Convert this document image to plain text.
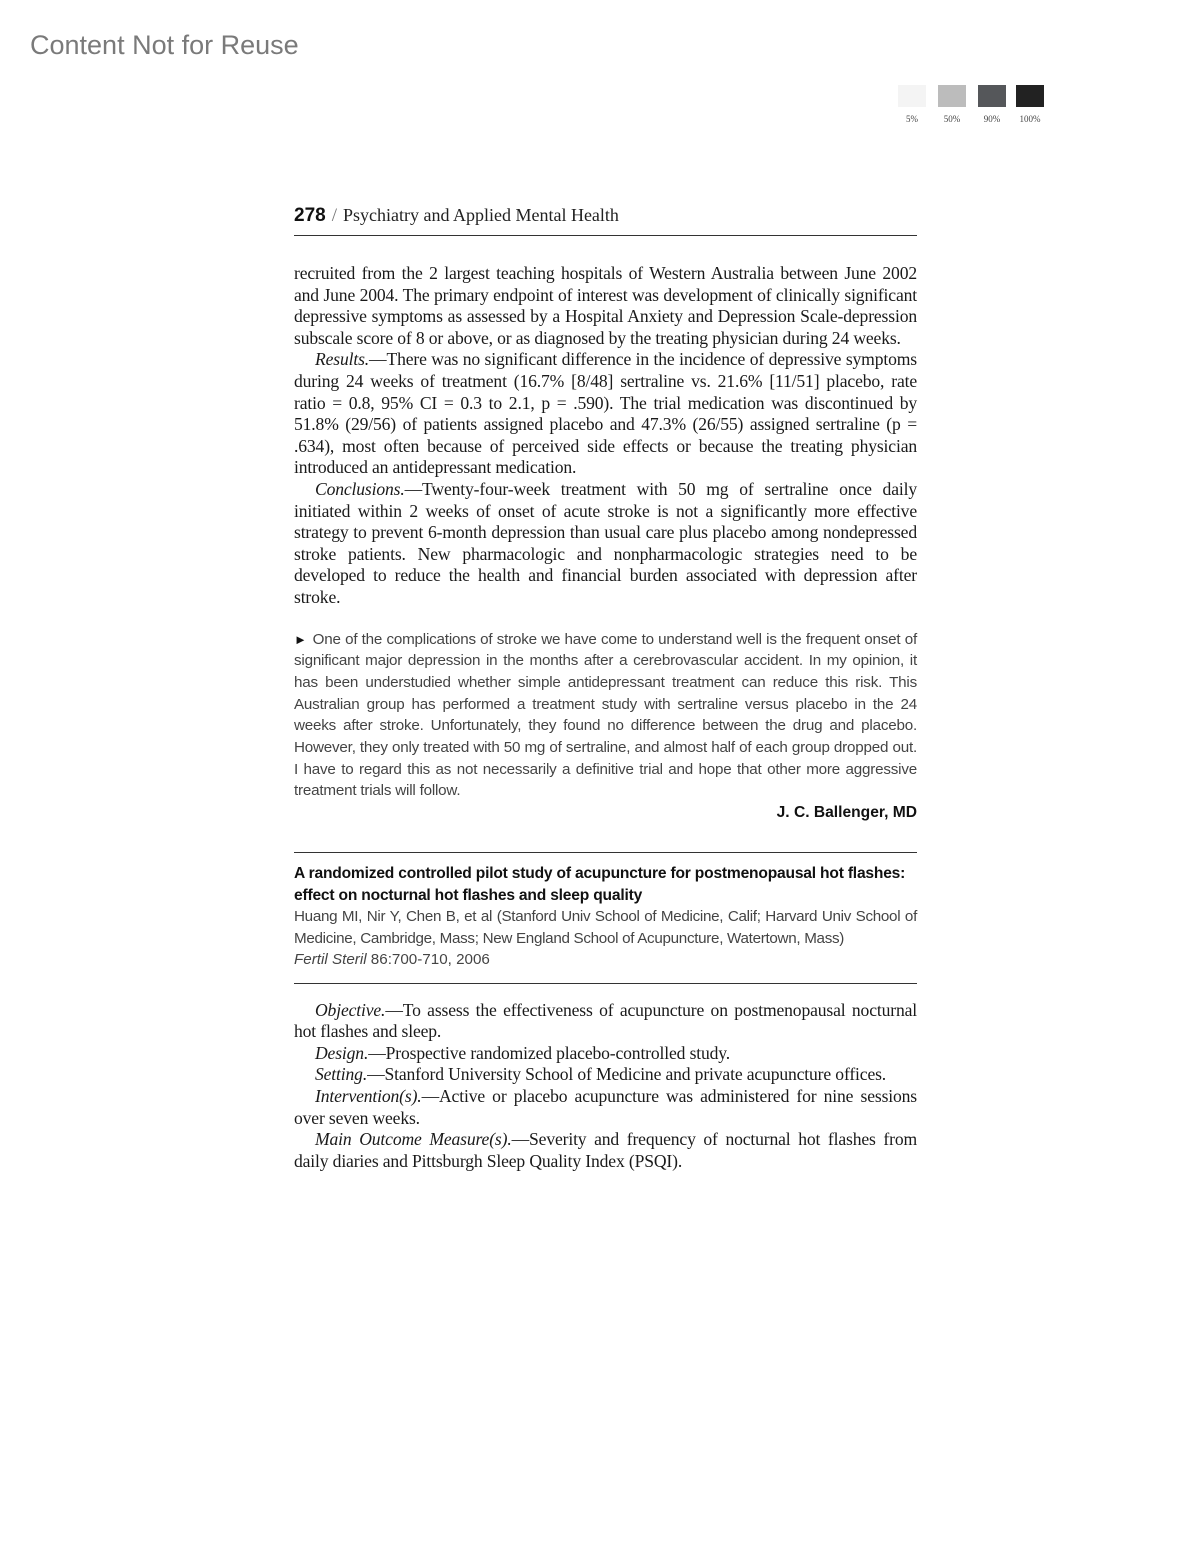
Content Not for Reuse
5%	50%	90%	100%
278 / Psychiatry and Applied Mental Health

recruited from the 2 largest teaching hospitals of Western Australia between June 2002 and June 2004. The primary endpoint of interest was development of clinically significant depressive symptoms as assessed by a Hospital Anxiety and Depression Scale-depression subscale score of 8 or above, or as diagnosed by the treating physician during 24 weeks.

Results.—There was no significant difference in the incidence of depressive symptoms during 24 weeks of treatment (16.7% [8/48] sertraline vs. 21.6% [11/51] placebo, rate ratio = 0.8, 95% CI = 0.3 to 2.1, p = .590). The trial medication was discontinued by 51.8% (29/56) of patients assigned placebo and 47.3% (26/55) assigned sertraline (p = .634), most often because of perceived side effects or because the treating physician introduced an antidepressant medication.

Conclusions.—Twenty-four-week treatment with 50 mg of sertraline once daily initiated within 2 weeks of onset of acute stroke is not a significantly more effective strategy to prevent 6-month depression than usual care plus placebo among nondepressed stroke patients. New pharmacologic and nonpharmacologic strategies need to be developed to reduce the health and financial burden associated with depression after stroke.

► One of the complications of stroke we have come to understand well is the frequent onset of significant major depression in the months after a cerebrovascular accident. In my opinion, it has been understudied whether simple antidepressant treatment can reduce this risk. This Australian group has performed a treatment study with sertraline versus placebo in the 24 weeks after stroke. Unfortunately, they found no difference between the drug and placebo. However, they only treated with 50 mg of sertraline, and almost half of each group dropped out. I have to regard this as not necessarily a definitive trial and hope that other more aggressive treatment trials will follow.
J. C. Ballenger, MD
A randomized controlled pilot study of acupuncture for postmenopausal hot flashes: effect on nocturnal hot flashes and sleep quality
Huang MI, Nir Y, Chen B, et al (Stanford Univ School of Medicine, Calif; Harvard Univ School of Medicine, Cambridge, Mass; New England School of Acupuncture, Watertown, Mass)
Fertil Steril 86:700-710, 2006

Objective.—To assess the effectiveness of acupuncture on postmenopausal nocturnal hot flashes and sleep.

Design.—Prospective randomized placebo-controlled study.

Setting.—Stanford University School of Medicine and private acupuncture offices.

Intervention(s).—Active or placebo acupuncture was administered for nine sessions over seven weeks.

Main Outcome Measure(s).—Severity and frequency of nocturnal hot flashes from daily diaries and Pittsburgh Sleep Quality Index (PSQI).
